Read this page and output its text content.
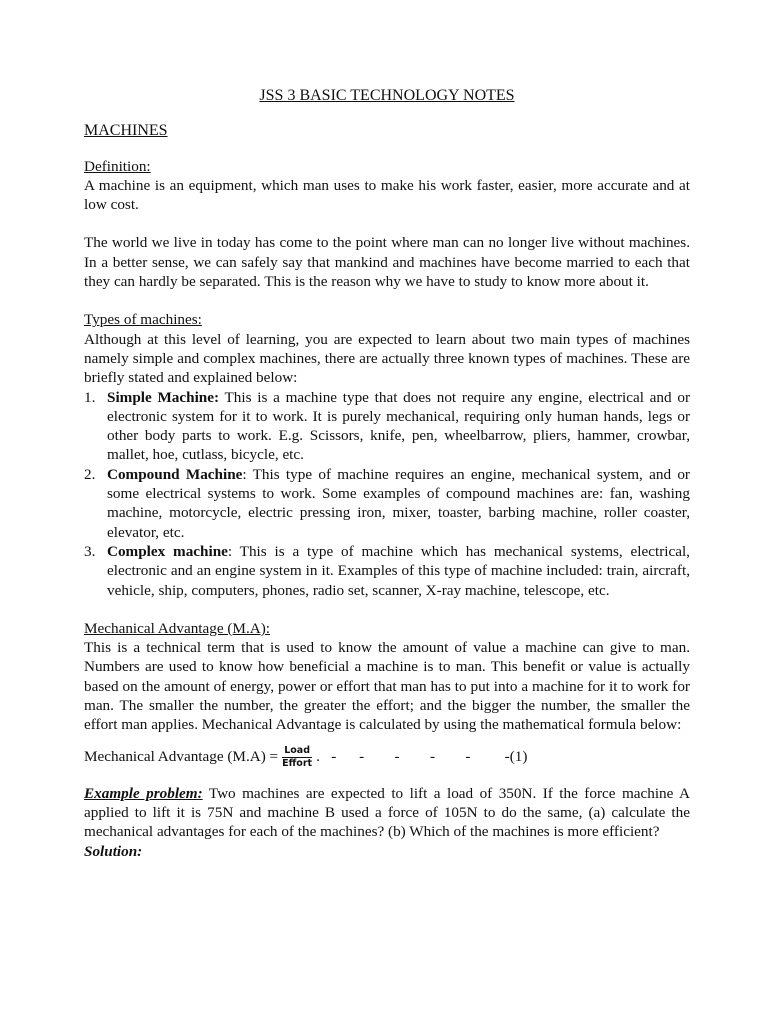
JSS 3 BASIC TECHNOLOGY NOTES

MACHINES

Definition:

A machine is an equipment, which man uses to make his work faster, easier, more accurate and at low cost.

The world we live in today has come to the point where man can no longer live without machines. In a better sense, we can safely say that mankind and machines have become married to each that they can hardly be separated. This is the reason why we have to study to know more about it.

Types of machines:

Although at this level of learning, you are expected to learn about two main types of machines namely simple and complex machines, there are actually three known types of machines. These are briefly stated and explained below:

1. Simple Machine: This is a machine type that does not require any engine, electrical and or electronic system for it to work. It is purely mechanical, requiring only human hands, legs or other body parts to work. E.g. Scissors, knife, pen, wheelbarrow, pliers, hammer, crowbar, mallet, hoe, cutlass, bicycle, etc.
2. Compound Machine: This type of machine requires an engine, mechanical system, and or some electrical systems to work. Some examples of compound machines are: fan, washing machine, motorcycle, electric pressing iron, mixer, toaster, barbing machine, roller coaster, elevator, etc.
3. Complex machine: This is a type of machine which has mechanical systems, electrical, electronic and an engine system in it. Examples of this type of machine included: train, aircraft, vehicle, ship, computers, phones, radio set, scanner, X-ray machine, telescope, etc.

Mechanical Advantage (M.A):

This is a technical term that is used to know the amount of value a machine can give to man. Numbers are used to know how beneficial a machine is to man. This benefit or value is actually based on the amount of energy, power or effort that man has to put into a machine for it to work for man. The smaller the number, the greater the effort; and the bigger the number, the smaller the effort man applies. Mechanical Advantage is calculated by using the mathematical formula below:

Mechanical Advantage $(M.A) = \frac{\text{Load}}{\text{Effort}}$ .   -      -        -        -        -         -(1)

Example problem: Two machines are expected to lift a load of 350N. If the force machine A applied to lift it is 75N and machine B used a force of 105N to do the same, (a) calculate the mechanical advantages for each of the machines? (b) Which of the machines is more efficient?

Solution:
